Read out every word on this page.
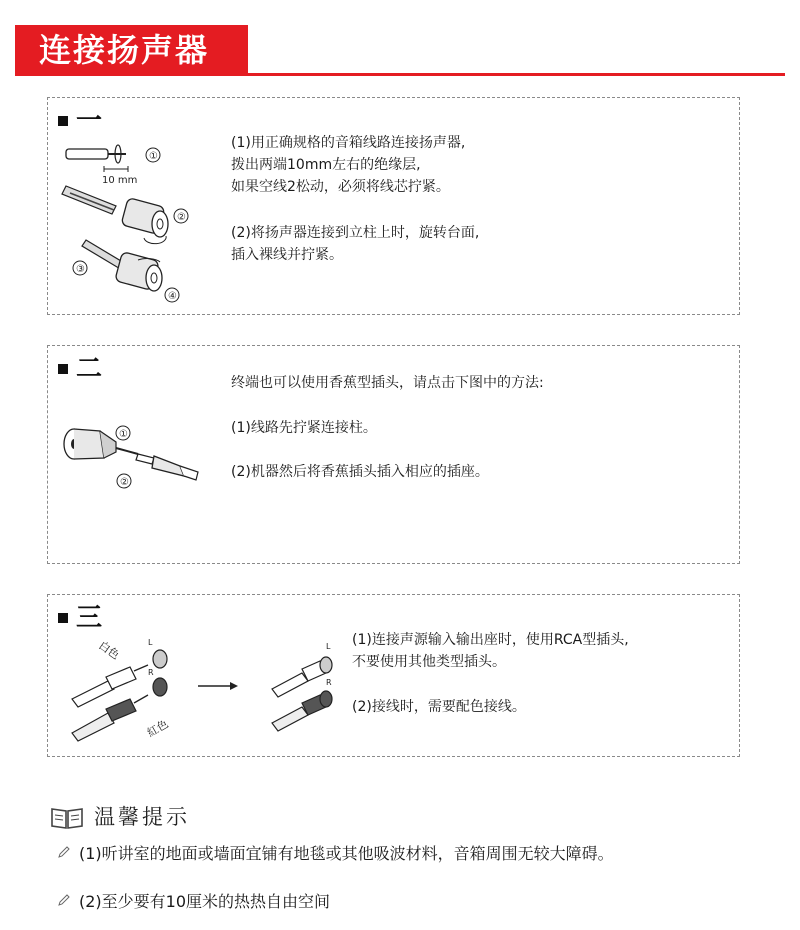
连接扬声器
一
10 mm
①
②
③
④
(1)用正确规格的音箱线路连接扬声器,
拨出两端10mm左右的绝缘层,
如果空线2松动，必须将线芯拧紧。
(2)将扬声器连接到立柱上时，旋转台面,
插入裸线并拧紧。
二
①
②
终端也可以使用香蕉型插头，请点击下图中的方法:
(1)线路先拧紧连接柱。
(2)机器然后将香蕉插头插入相应的插座。
三
白色
紅色
L
R
L
R
(1)连接声源输入输出座时，使用RCA型插头,
不要使用其他类型插头。
(2)接线时，需要配色接线。
温馨提示
(1)听讲室的地面或墙面宜铺有地毯或其他吸波材料，音箱周围无较大障碍。
(2)至少要有10厘米的热热自由空间
